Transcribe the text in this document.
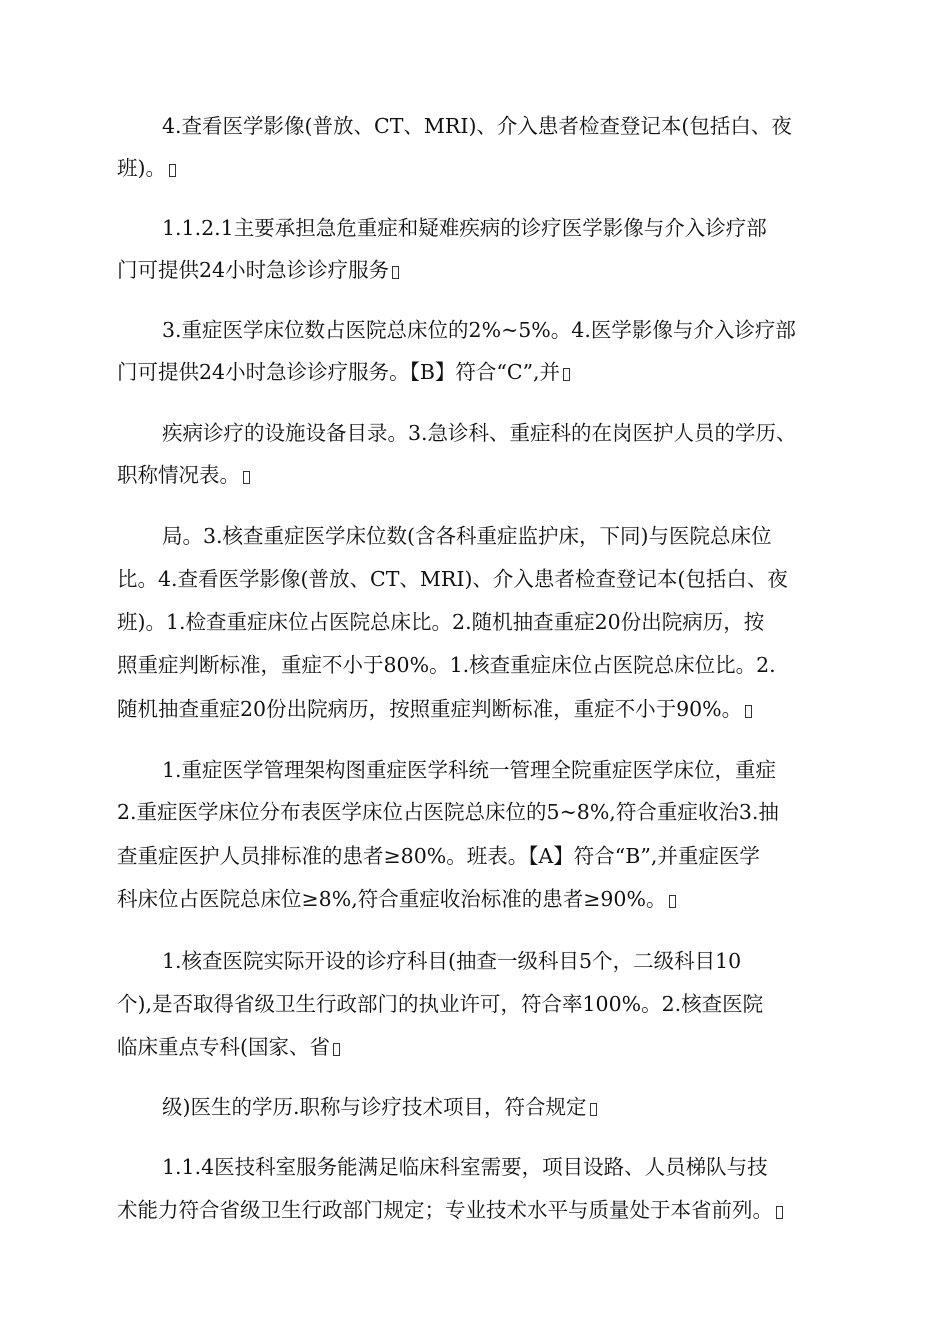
4.查看医学影像(普放、CT、MRI)、介入患者检查登记本(包括白、夜
班)。
1.1.2.1主要承担急危重症和疑难疾病的诊疗医学影像与介入诊疗部
门可提供24小时急诊诊疗服务
3.重症医学床位数占医院总床位的2%~5%。4.医学影像与介入诊疗部
门可提供24小时急诊诊疗服务。【B】符合“C”,并
疾病诊疗的设施设备目录。3.急诊科、重症科的在岗医护人员的学历、
职称情况表。
局。3.核查重症医学床位数(含各科重症监护床，下同)与医院总床位
比。4.查看医学影像(普放、CT、MRI)、介入患者检查登记本(包括白、夜
班)。1.检查重症床位占医院总床比。2.随机抽查重症20份出院病历，按
照重症判断标准，重症不小于80%。1.核查重症床位占医院总床位比。2.
随机抽查重症20份出院病历，按照重症判断标准，重症不小于90%。
1.重症医学管理架构图重症医学科统一管理全院重症医学床位，重症
2.重症医学床位分布表医学床位占医院总床位的5~8%,符合重症收治3.抽
查重症医护人员排标准的患者≥80%。班表。【A】符合“B”,并重症医学
科床位占医院总床位≥8%,符合重症收治标准的患者≥90%。
1.核查医院实际开设的诊疗科目(抽查一级科目5个，二级科目10
个),是否取得省级卫生行政部门的执业许可，符合率100%。2.核查医院
临床重点专科(国家、省
级)医生的学历.职称与诊疗技术项目，符合规定
1.1.4医技科室服务能满足临床科室需要，项目设路、人员梯队与技
术能力符合省级卫生行政部门规定；专业技术水平与质量处于本省前列。
